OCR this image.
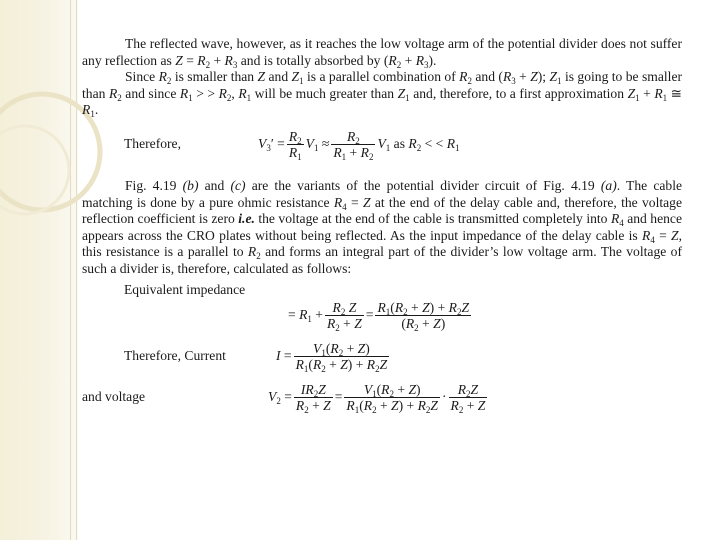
The reflected wave, however, as it reaches the low voltage arm of the potential divider does not suffer any reflection as $Z = R_2 + R_3$ and is totally absorbed by $(R_2 + R_3)$.

Since $R_2$ is smaller than Z and $Z_1$ is a parallel combination of $R_2$ and $(R_3 + Z)$; $Z_1$ is going to be smaller than $R_2$ and since $R_1$ > > $R_2$, $R_1$ will be much greater than $Z_1$ and, therefore, to a first approximation $Z_1 + R_1$ ≅ $R_1$.

Therefore,	$V_3' = \frac{R_2}{R_1} V_1 \approx \frac{R_2}{R_1 + R_2} V_1$ as $R_2$ < < $R_1$

Fig. 4.19 (b) and (c) are the variants of the potential divider circuit of Fig. 4.19 (a). The cable matching is done by a pure ohmic resistance $R_4 = Z$ at the end of the delay cable and, therefore, the voltage reflection coefficient is zero i.e. the voltage at the end of the cable is transmitted completely into $R_4$ and hence appears across the CRO plates without being reflected. As the input impedance of the delay cable is $R_4 = Z$, this resistance is a parallel to $R_2$ and forms an integral part of the divider’s low voltage arm. The voltage of such a divider is, therefore, calculated as follows:

Equivalent impedance
= $R_1 + \frac{R_2 Z}{R_2 + Z} = \frac{R_1(R_2 + Z) + R_2Z}{(R_2 + Z)}$
Therefore, Current	$I = \frac{V_1(R_2 + Z)}{R_1(R_2 + Z) + R_2Z}$
and voltage	$V_2 = \frac{IR_2Z}{R_2 + Z} = \frac{V_1(R_2 + Z)}{R_1(R_2 + Z) + R_2Z} \cdot \frac{R_2Z}{R_2 + Z}$
